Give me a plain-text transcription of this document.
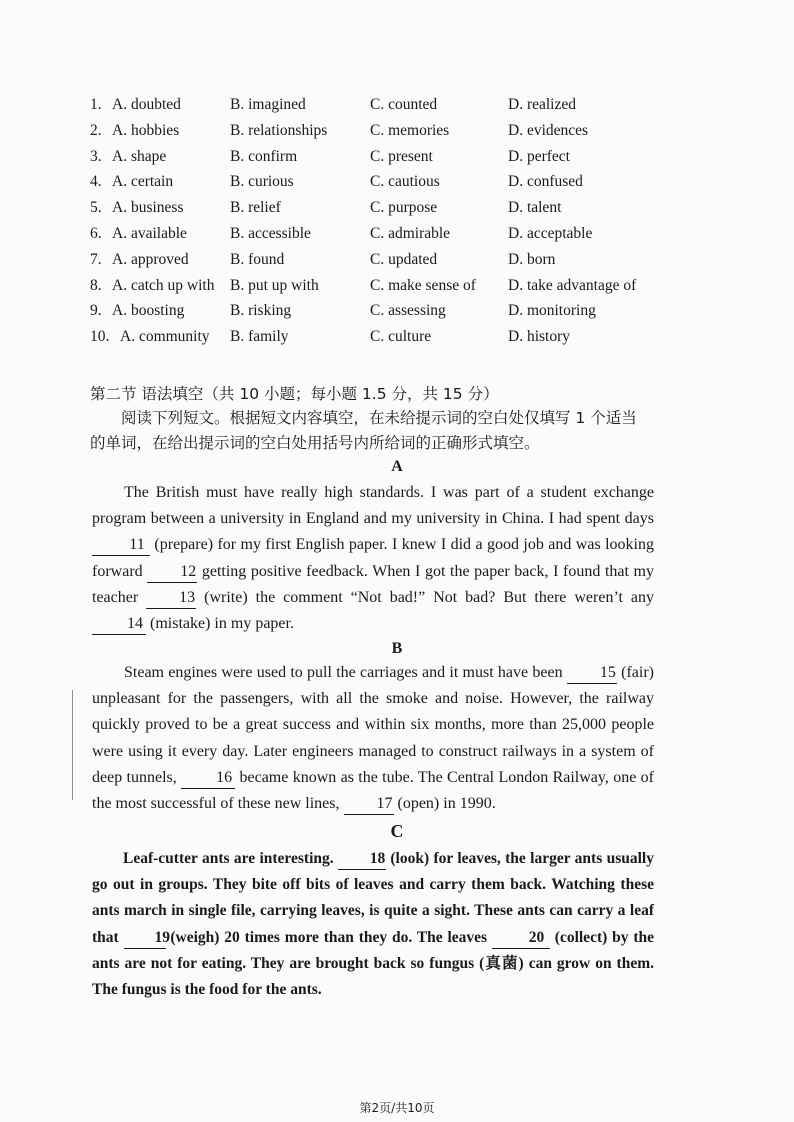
1. A. doubted	B. imagined	C. counted	D. realized
2. A. hobbies	B. relationships	C. memories	D. evidences
3. A. shape	B. confirm	C. present	D. perfect
4. A. certain	B. curious	C. cautious	D. confused
5. A. business	B. relief	C. purpose	D. talent
6. A. available	B. accessible	C. admirable	D. acceptable
7. A. approved	B. found	C. updated	D. born
8. A. catch up with B. put up with	C. make sense of D. take advantage of
9. A. boosting	B. risking	C. assessing	D. monitoring
10. A. community B. family	C. culture	D. history
第二节 语法填空（共 10 小题；每小题 1.5 分，共 15 分）
阅读下列短文。根据短文内容填空，在未给提示词的空白处仅填写 1 个适当的单词，在给出提示词的空白处用括号内所给词的正确形式填空。
A
The British must have really high standards. I was part of a student exchange program between a university in England and my university in China. I had spent days 11 (prepare) for my first English paper. I knew I did a good job and was looking forward 12 getting positive feedback. When I got the paper back, I found that my teacher 13 (write) the comment “Not bad!” Not bad? But there weren’t any 14 (mistake) in my paper.
B
Steam engines were used to pull the carriages and it must have been 15 (fair) unpleasant for the passengers, with all the smoke and noise. However, the railway quickly proved to be a great success and within six months, more than 25,000 people were using it every day. Later engineers managed to construct railways in a system of deep tunnels, 16 became known as the tube. The Central London Railway, one of the most successful of these new lines, 17 (open) in 1990.
C
Leaf-cutter ants are interesting. 18 (look) for leaves, the larger ants usually go out in groups. They bite off bits of leaves and carry them back. Watching these ants march in single file, carrying leaves, is quite a sight. These ants can carry a leaf that 19 (weigh) 20 times more than they do. The leaves 20 (collect) by the ants are not for eating. They are brought back so fungus (真菌) can grow on them. The fungus is the food for the ants.
第2页/共10页
